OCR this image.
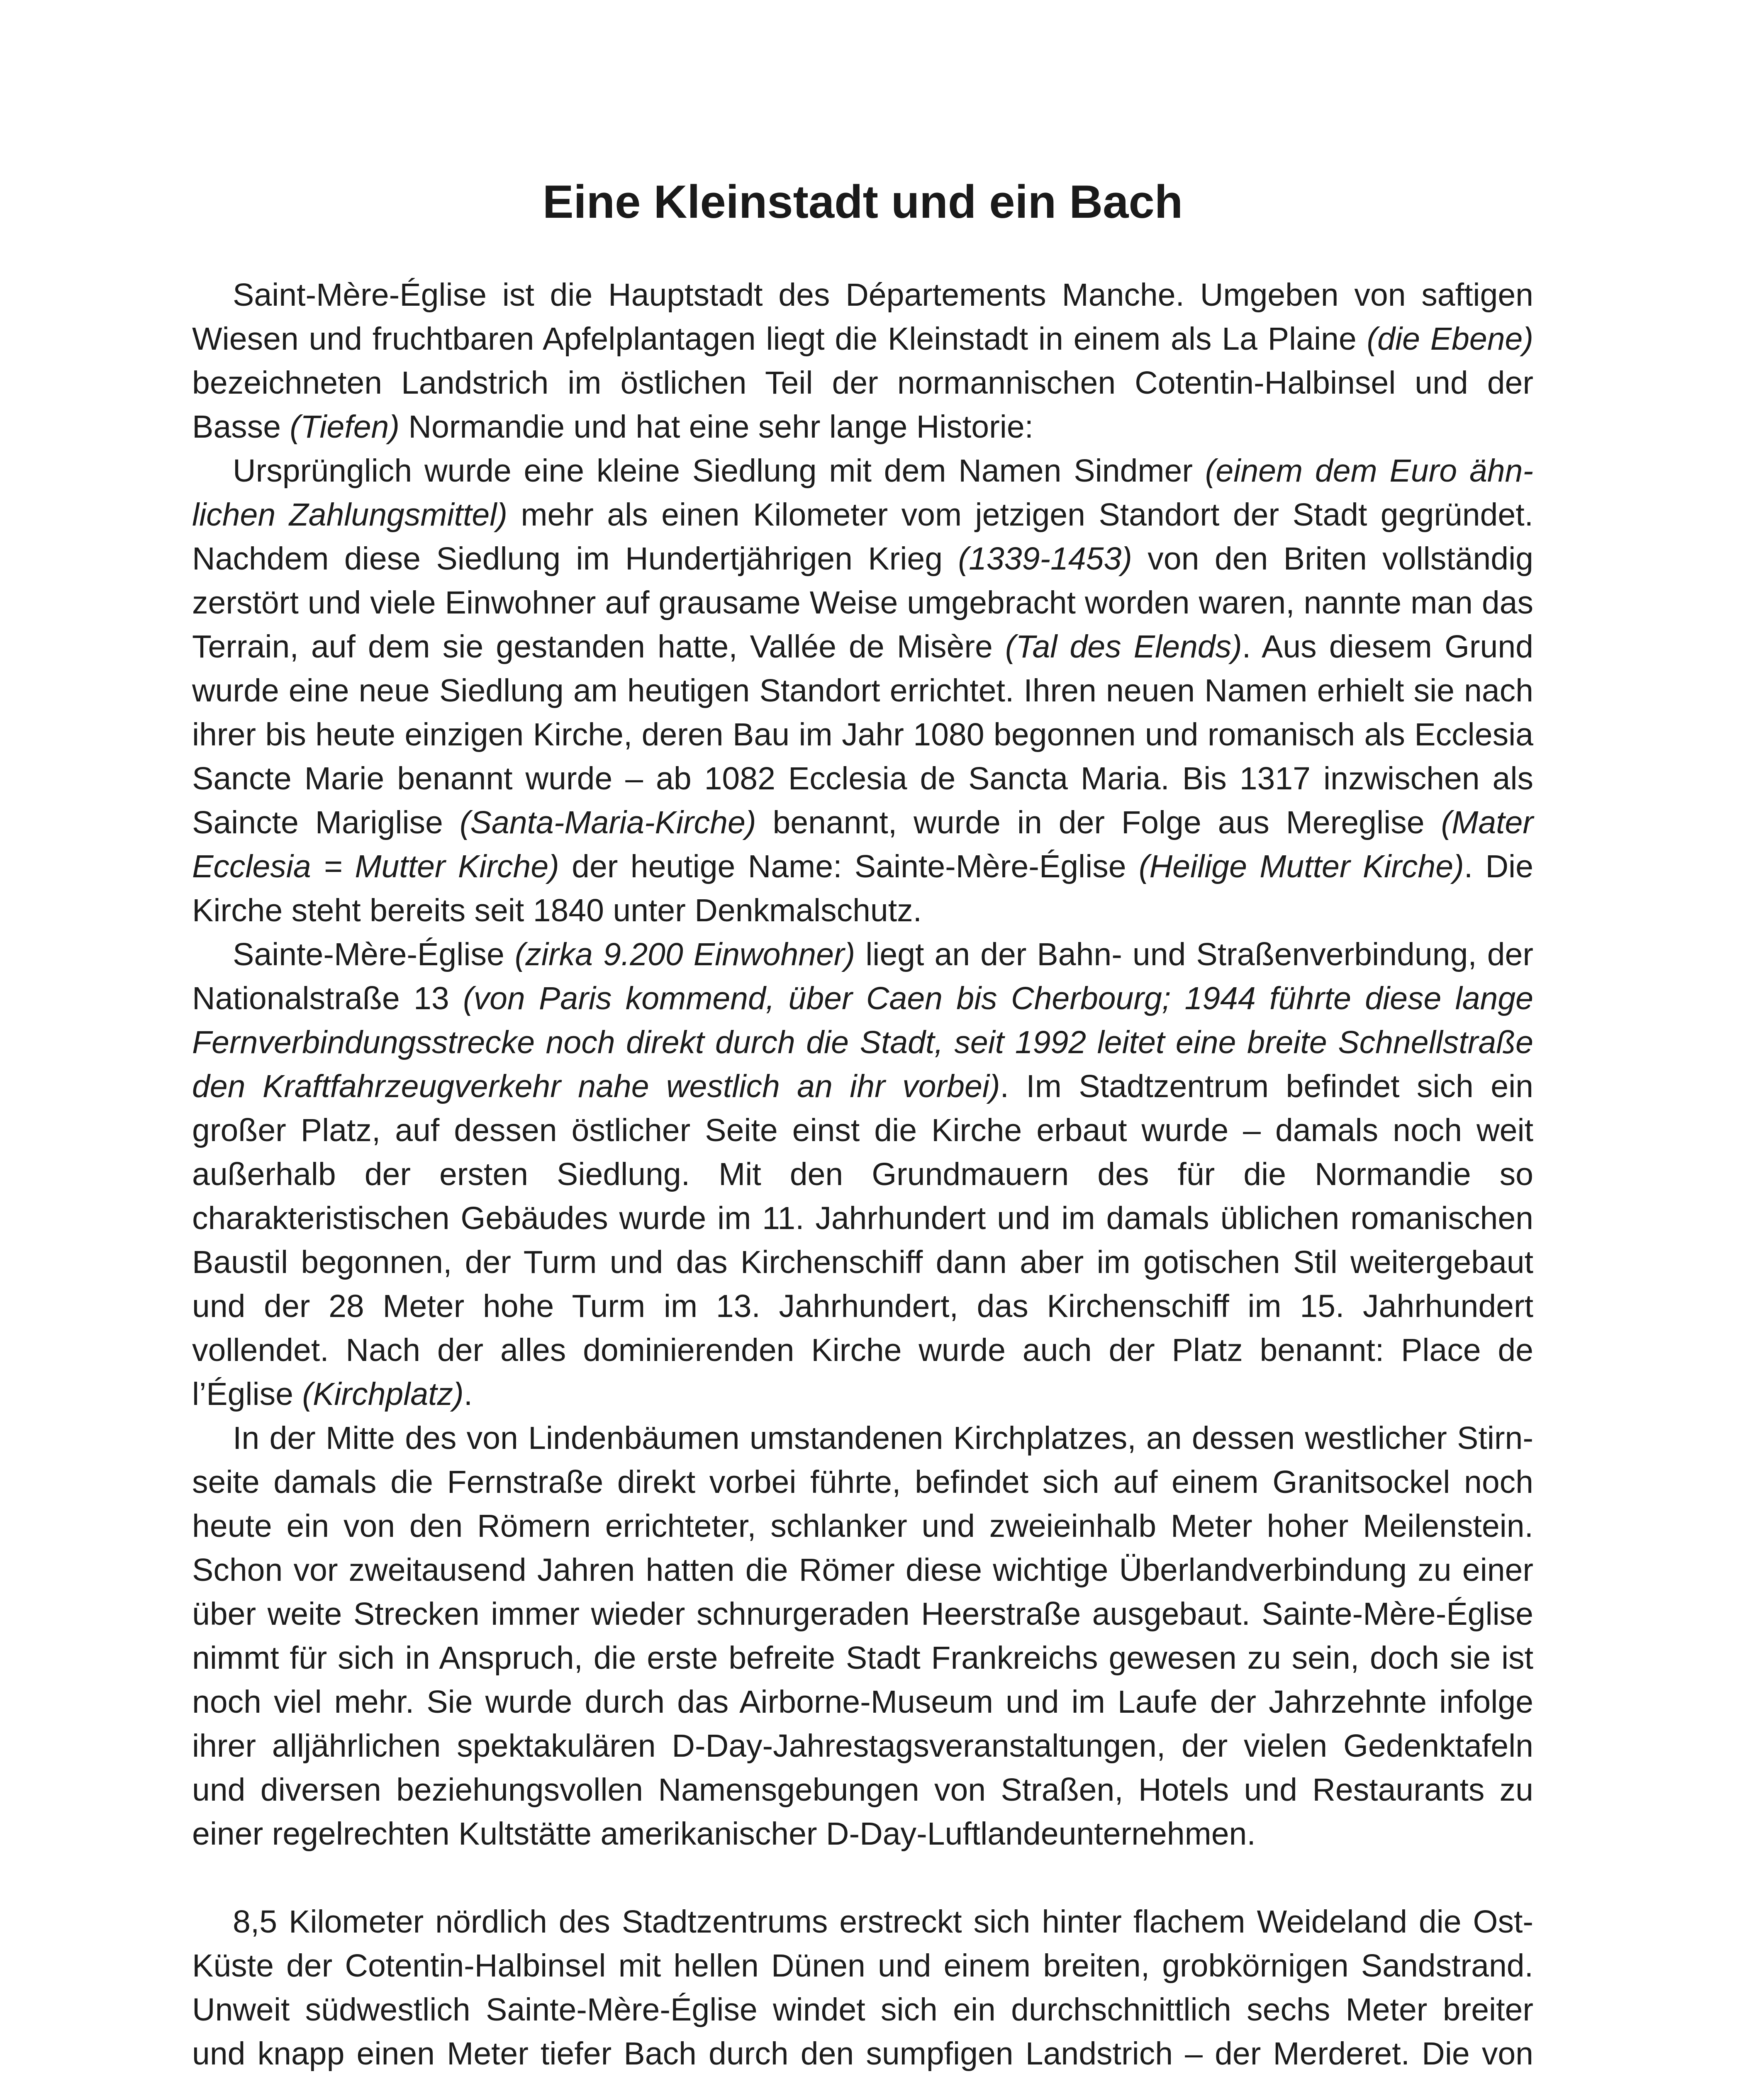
Eine Kleinstadt und ein Bach

Saint-Mère-Église ist die Hauptstadt des Départements Manche. Umgeben von saftigen Wiesen und fruchtbaren Apfelplantagen liegt die Kleinstadt in einem als La Plaine (die Ebene) bezeichneten Landstrich im östlichen Teil der normannischen Cotentin-Halbinsel und der Basse (Tiefen) Normandie und hat eine sehr lange Historie:

Ursprünglich wurde eine kleine Siedlung mit dem Namen Sindmer (einem dem Euro ähnlichen Zahlungsmittel) mehr als einen Kilometer vom jetzigen Standort der Stadt gegründet. Nachdem diese Siedlung im Hundertjährigen Krieg (1339-1453) von den Briten vollständig zerstört und viele Einwohner auf grausame Weise umgebracht worden waren, nannte man das Terrain, auf dem sie gestanden hatte, Vallée de Misère (Tal des Elends). Aus diesem Grund wurde eine neue Siedlung am heutigen Standort errichtet. Ihren neuen Namen erhielt sie nach ihrer bis heute einzigen Kirche, deren Bau im Jahr 1080 begonnen und romanisch als Ecclesia Sancte Marie benannt wurde – ab 1082 Ecclesia de Sancta Maria. Bis 1317 inzwischen als Saincte Mariglise (Santa-Maria-Kirche) benannt, wurde in der Folge aus Mereglise (Mater Ecclesia = Mutter Kirche) der heutige Name: Sainte-Mère-Église (Heilige Mutter Kirche). Die Kirche steht bereits seit 1840 unter Denkmalschutz.

Sainte-Mère-Église (zirka 9.200 Einwohner) liegt an der Bahn- und Straßenverbindung, der Nationalstraße 13 (von Paris kommend, über Caen bis Cherbourg; 1944 führte diese lange Fernverbindungsstrecke noch direkt durch die Stadt, seit 1992 leitet eine breite Schnellstraße den Kraftfahrzeugverkehr nahe westlich an ihr vorbei). Im Stadtzentrum befindet sich ein großer Platz, auf dessen östlicher Seite einst die Kirche erbaut wurde – damals noch weit außerhalb der ersten Siedlung. Mit den Grundmauern des für die Normandie so charakteristischen Gebäudes wurde im 11. Jahrhundert und im damals üblichen romanischen Baustil begonnen, der Turm und das Kirchenschiff dann aber im gotischen Stil weitergebaut und der 28 Meter hohe Turm im 13. Jahrhundert, das Kirchenschiff im 15. Jahrhundert vollendet. Nach der alles dominierenden Kirche wurde auch der Platz benannt: Place de l’Église (Kirchplatz).

In der Mitte des von Lindenbäumen umstandenen Kirchplatzes, an dessen westlicher Stirnseite damals die Fernstraße direkt vorbei führte, befindet sich auf einem Granitsockel noch heute ein von den Römern errichteter, schlanker und zweieinhalb Meter hoher Meilenstein. Schon vor zweitausend Jahren hatten die Römer diese wichtige Überlandverbindung zu einer über weite Strecken immer wieder schnurgeraden Heerstraße ausgebaut. Sainte-Mère-Église nimmt für sich in Anspruch, die erste befreite Stadt Frankreichs gewesen zu sein, doch sie ist noch viel mehr. Sie wurde durch das Airborne-Museum und im Laufe der Jahrzehnte infolge ihrer alljährlichen spektakulären D-Day-Jahrestagsveranstaltungen, der vielen Gedenktafeln und diversen beziehungsvollen Namensgebungen von Straßen, Hotels und Restaurants zu einer regelrechten Kultstätte amerikanischer D-Day-Luftlandeunternehmen.

8,5 Kilometer nördlich des Stadtzentrums erstreckt sich hinter flachem Weideland die Ost-Küste der Cotentin-Halbinsel mit hellen Dünen und einem breiten, grobkörnigen Sandstrand. Unweit südwestlich Sainte-Mère-Église windet sich ein durchschnittlich sechs Meter breiter und knapp einen Meter tiefer Bach durch den sumpfigen Landstrich – der Merderet. Die von
